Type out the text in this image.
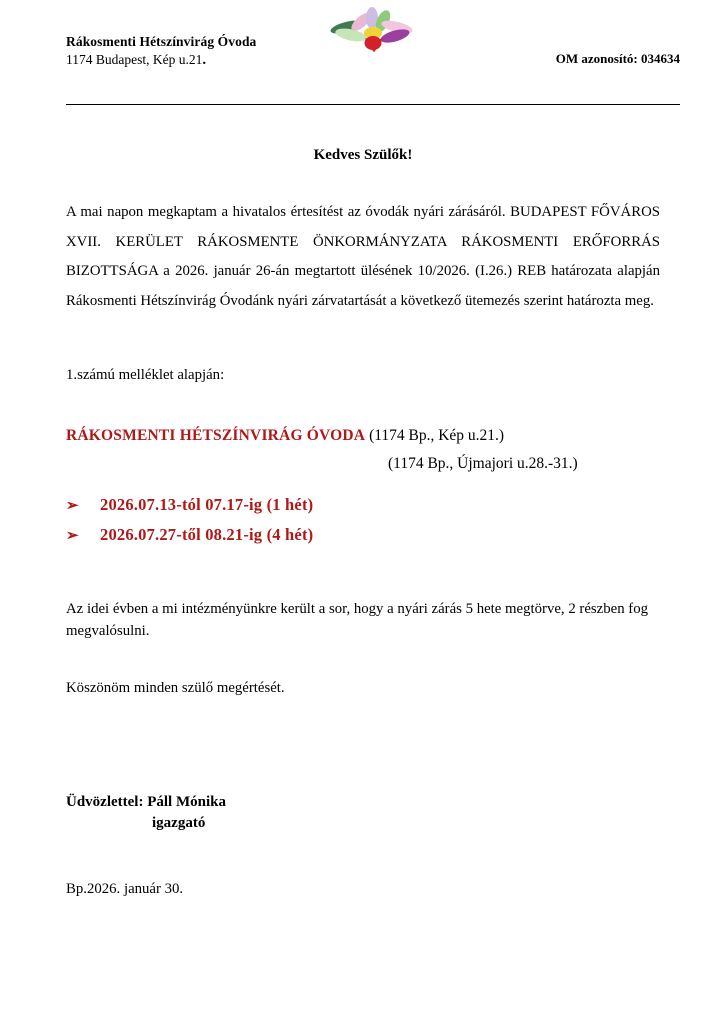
Rákosmenti Hétszínvirág Óvoda
1174 Budapest, Kép u.21.	OM azonosító: 034634
Kedves Szülők!

A mai napon megkaptam a hivatalos értesítést az óvodák nyári zárásáról. BUDAPEST FŐVÁROS XVII. KERÜLET RÁKOSMENTE ÖNKORMÁNYZATA RÁKOSMENTI ERŐFORRÁS BIZOTTSÁGA a 2026. január 26-án megtartott ülésének 10/2026. (I.26.) REB határozata alapján Rákosmenti Hétszínvirág Óvodánk nyári zárvatartását a következő ütemezés szerint határozta meg.

1.számú melléklet alapján:
RÁKOSMENTI HÉTSZÍNVIRÁG ÓVODA (1174 Bp., Kép u.21.)
(1174 Bp., Újmajori u.28.-31.)
➢	2026.07.13-tól 07.17-ig (1 hét)
➢	2026.07.27-től 08.21-ig (4 hét)

Az idei évben a mi intézményünkre került a sor, hogy a nyári zárás 5 hete megtörve, 2 részben fog megvalósulni.

Köszönöm minden szülő megértését.

Üdvözlettel: Páll Mónika
igazgató
Bp.2026. január 30.
